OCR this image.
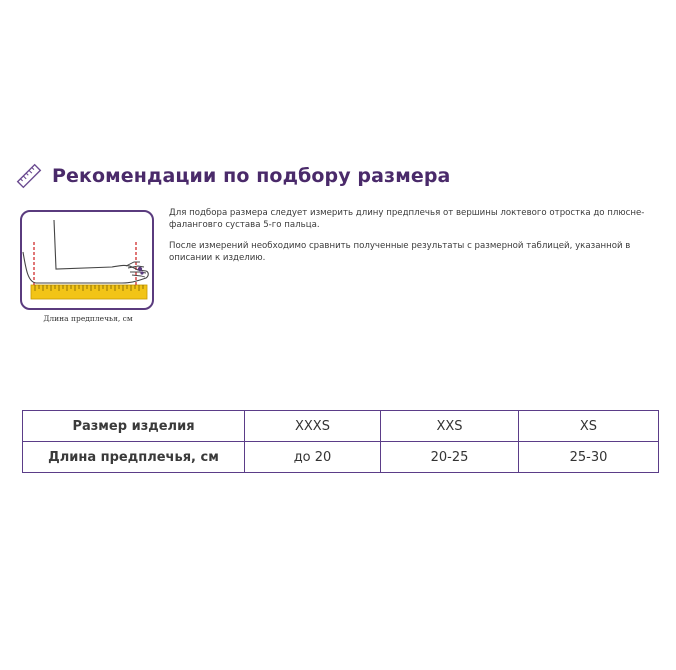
Рекомендации по подбору размера
Длина предплечья, см

Для подбора размера следует измерить длину предплечья от вершины локтевого отростка до плюсне-фаланговго сустава 5-го пальца.

После измерений необходимо сравнить полученные результаты с размерной таблицей, указанной в описании к изделию.

Размер изделия	XXXS	XXS	XS
Длина предплечья, см	до 20	20-25	25-30
